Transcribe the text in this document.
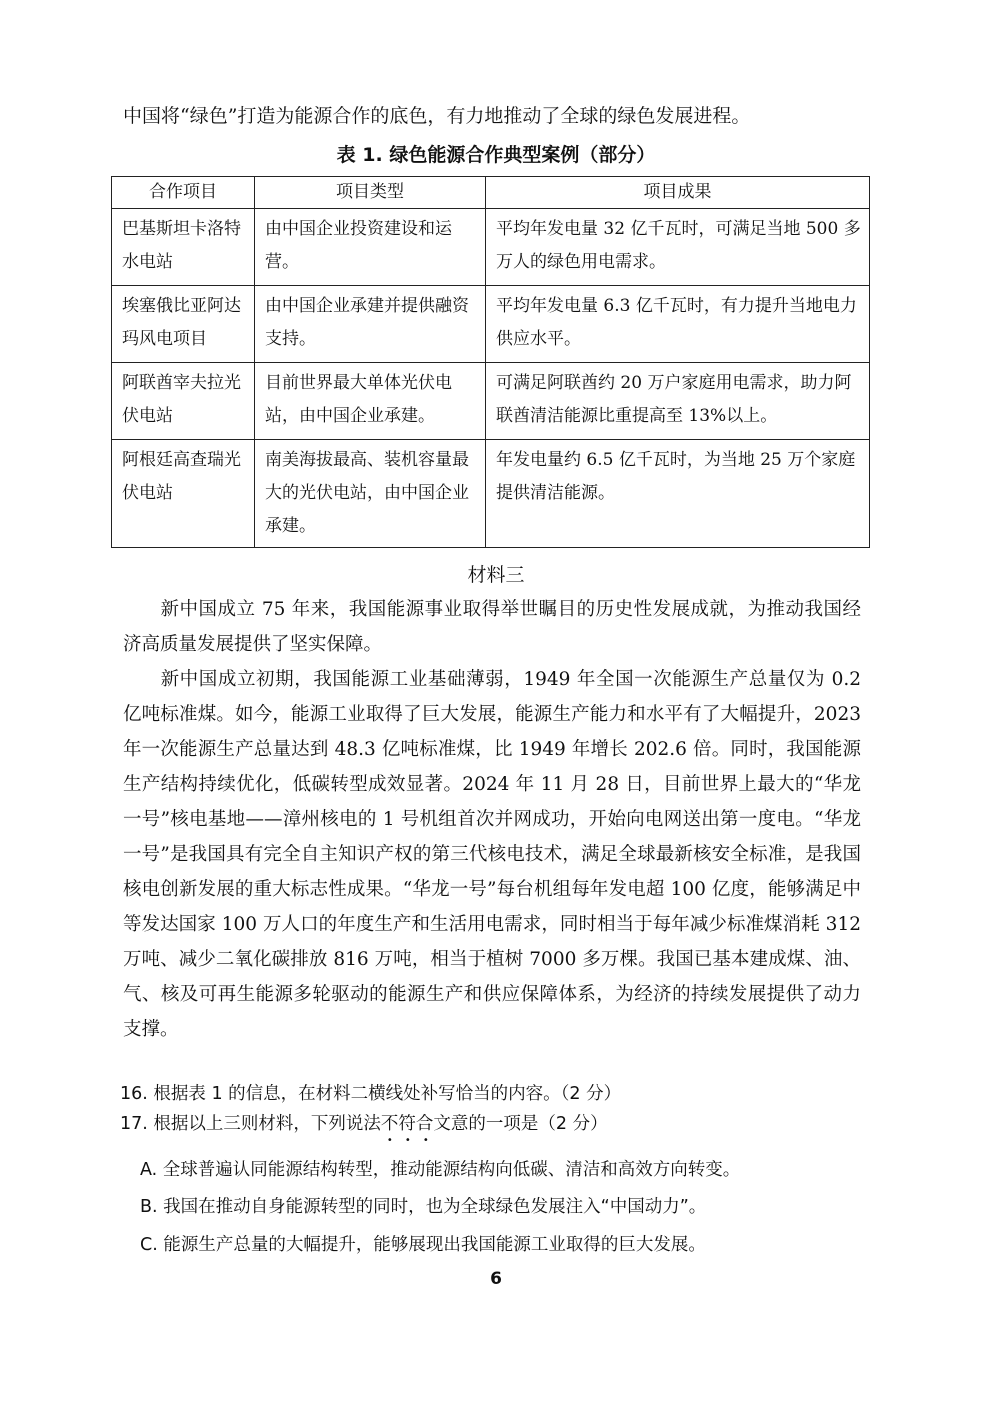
中国将“绿色”打造为能源合作的底色，有力地推动了全球的绿色发展进程。
表 1. 绿色能源合作典型案例（部分）
合作项目	项目类型	项目成果
巴基斯坦卡洛特水电站	由中国企业投资建设和运营。	平均年发电量 32 亿千瓦时，可满足当地 500 多万人的绿色用电需求。
埃塞俄比亚阿达玛风电项目	由中国企业承建并提供融资支持。	平均年发电量 6.3 亿千瓦时，有力提升当地电力供应水平。
阿联酋宰夫拉光伏电站	目前世界最大单体光伏电站，由中国企业承建。	可满足阿联酋约 20 万户家庭用电需求，助力阿联酋清洁能源比重提高至 13%以上。
阿根廷高查瑞光伏电站	南美海拔最高、装机容量最大的光伏电站，由中国企业承建。	年发电量约 6.5 亿千瓦时，为当地 25 万个家庭提供清洁能源。
材料三
新中国成立 75 年来，我国能源事业取得举世瞩目的历史性发展成就，为推动我国经济高质量发展提供了坚实保障。
新中国成立初期，我国能源工业基础薄弱，1949 年全国一次能源生产总量仅为 0.2 亿吨标准煤。如今，能源工业取得了巨大发展，能源生产能力和水平有了大幅提升，2023 年一次能源生产总量达到 48.3 亿吨标准煤，比 1949 年增长 202.6 倍。同时，我国能源生产结构持续优化，低碳转型成效显著。2024 年 11 月 28 日，目前世界上最大的“华龙一号”核电基地——漳州核电的 1 号机组首次并网成功，开始向电网送出第一度电。“华龙一号”是我国具有完全自主知识产权的第三代核电技术，满足全球最新核安全标准，是我国核电创新发展的重大标志性成果。“华龙一号”每台机组每年发电超 100 亿度，能够满足中等发达国家 100 万人口的年度生产和生活用电需求，同时相当于每年减少标准煤消耗 312 万吨、减少二氧化碳排放 816 万吨，相当于植树 7000 多万棵。我国已基本建成煤、油、气、核及可再生能源多轮驱动的能源生产和供应保障体系，为经济的持续发展提供了动力支撑。
16. 根据表 1 的信息，在材料二横线处补写恰当的内容。（2 分）
17. 根据以上三则材料，下列说法不符合
• • •
文意的一项是（2 分）
A. 全球普遍认同能源结构转型，推动能源结构向低碳、清洁和高效方向转变。
B. 我国在推动自身能源转型的同时，也为全球绿色发展注入“中国动力”。
C. 能源生产总量的大幅提升，能够展现出我国能源工业取得的巨大发展。
6
